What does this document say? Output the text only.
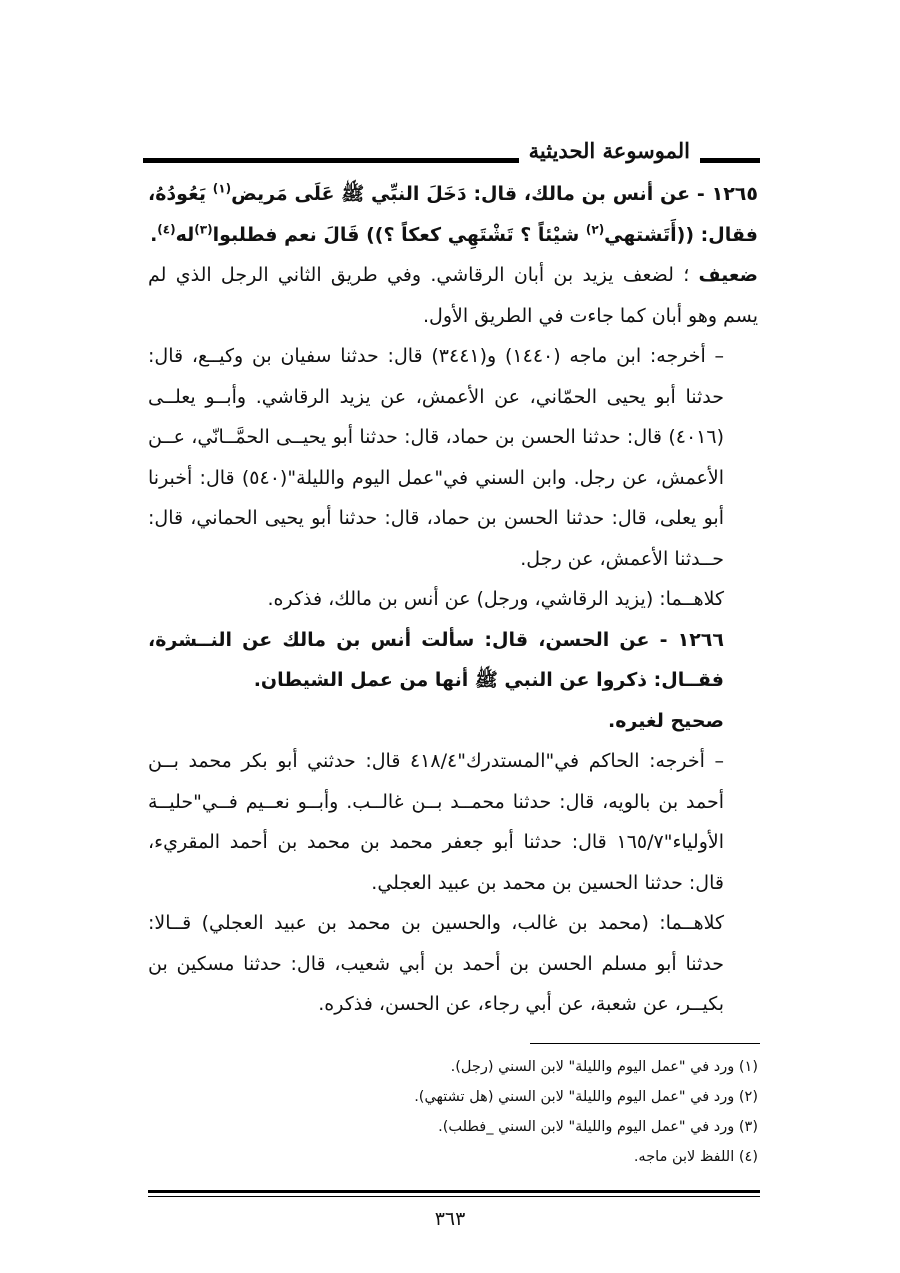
الموسوعة الحديثية

١٢٦٥ - عن أنس بن مالك، قال: دَخَلَ النبِّي ﷺ عَلَى مَريض$^{(١)}$ يَعُودُهُ، فقال: ((أَتَشتهي$^{(٢)}$ شيْئاً ؟ تَشْتَهِي كعكاً ؟)) قَالَ نعم فطلبوا$^{(٣)}$له$^{(٤)}$.

ضعيف ؛ لضعف يزيد بن أبان الرقاشي. وفي طريق الثاني الرجل الذي لم يسم وهو أبان كما جاءت في الطريق الأول.

– أخرجه: ابن ماجه (١٤٤٠) و(٣٤٤١) قال: حدثنا سفيان بن وكيــع، قال: حدثنا أبو يحيى الحمّاني، عن الأعمش، عن يزيد الرقاشي. وأبــو يعلــى (٤٠١٦) قال: حدثنا الحسن بن حماد، قال: حدثنا أبو يحيــى الحمَّــانّي، عــن الأعمش، عن رجل. وابن السني في"عمل اليوم والليلة"(٥٤٠) قال: أخبرنا أبو يعلى، قال: حدثنا الحسن بن حماد، قال: حدثنا أبو يحيى الحماني، قال: حــدثنا الأعمش، عن رجل.

كلاهــما: (يزيد الرقاشي، ورجل) عن أنس بن مالك، فذكره.

١٢٦٦ - عن الحسن، قال: سألت أنس بن مالك عن النــشرة، فقــال: ذكروا عن النبي ﷺ أنها من عمل الشيطان.

صحيح لغيره.

– أخرجه: الحاكم في"المستدرك"٤١٨/٤ قال: حدثني أبو بكر محمد بــن أحمد بن بالويه، قال: حدثنا محمــد بــن غالــب. وأبــو نعــيم فــي"حليــة الأولياء"١٦٥/٧ قال: حدثنا أبو جعفر محمد بن محمد بن أحمد المقريء، قال: حدثنا الحسين بن محمد بن عبيد العجلي.

كلاهــما: (محمد بن غالب، والحسين بن محمد بن عبيد العجلي) قــالا: حدثنا أبو مسلم الحسن بن أحمد بن أبي شعيب، قال: حدثنا مسكين بن بكيــر، عن شعبة، عن أبي رجاء، عن الحسن، فذكره.

(١) ورد في "عمل اليوم والليلة" لابن السني (رجل).

(٢) ورد في "عمل اليوم والليلة" لابن السني (هل تشتهي).

(٣) ورد في "عمل اليوم والليلة" لابن السني _فطلب).

(٤) اللفظ لابن ماجه.

٣٦٣
